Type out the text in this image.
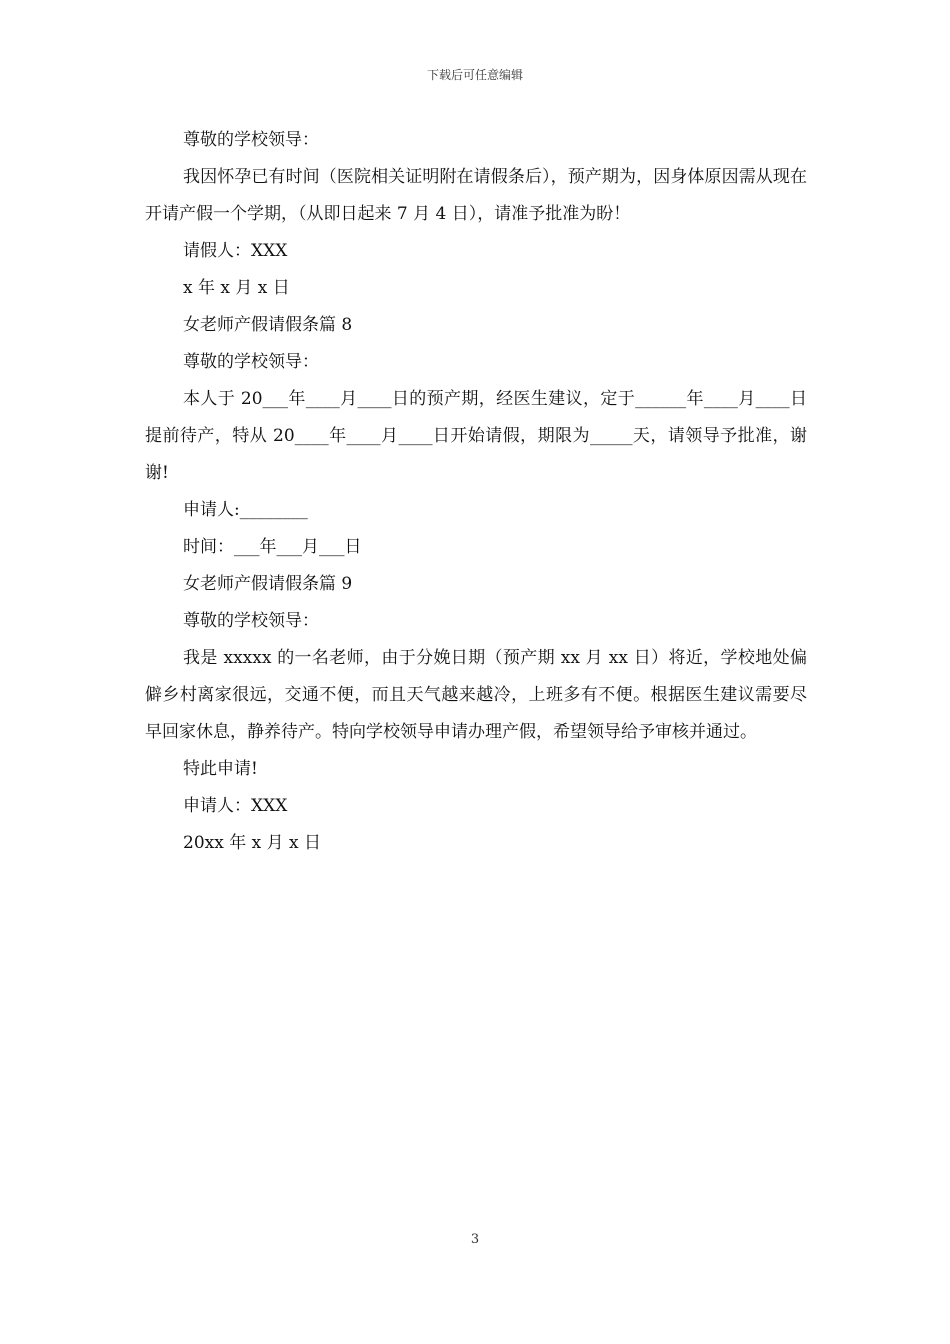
下载后可任意编辑

尊敬的学校领导：

我因怀孕已有时间（医院相关证明附在请假条后），预产期为，因身体原因需从现在开请产假一个学期，（从即日起来 7 月 4 日），请准予批准为盼！

请假人：XXX

x 年 x 月 x 日

女老师产假请假条篇 8

尊敬的学校领导：

本人于 20___年____月____日的预产期，经医生建议，定于______年____月____日提前待产，特从 20____年____月____日开始请假，期限为_____天，请领导予批准，谢谢!

申请人:________

时间：___年___月___日

女老师产假请假条篇 9

尊敬的学校领导：

我是 xxxxx 的一名老师，由于分娩日期（预产期 xx 月 xx 日）将近，学校地处偏僻乡村离家很远，交通不便，而且天气越来越冷，上班多有不便。根据医生建议需要尽早回家休息，静养待产。特向学校领导申请办理产假，希望领导给予审核并通过。

特此申请!

申请人：XXX

20xx 年 x 月 x 日

3
